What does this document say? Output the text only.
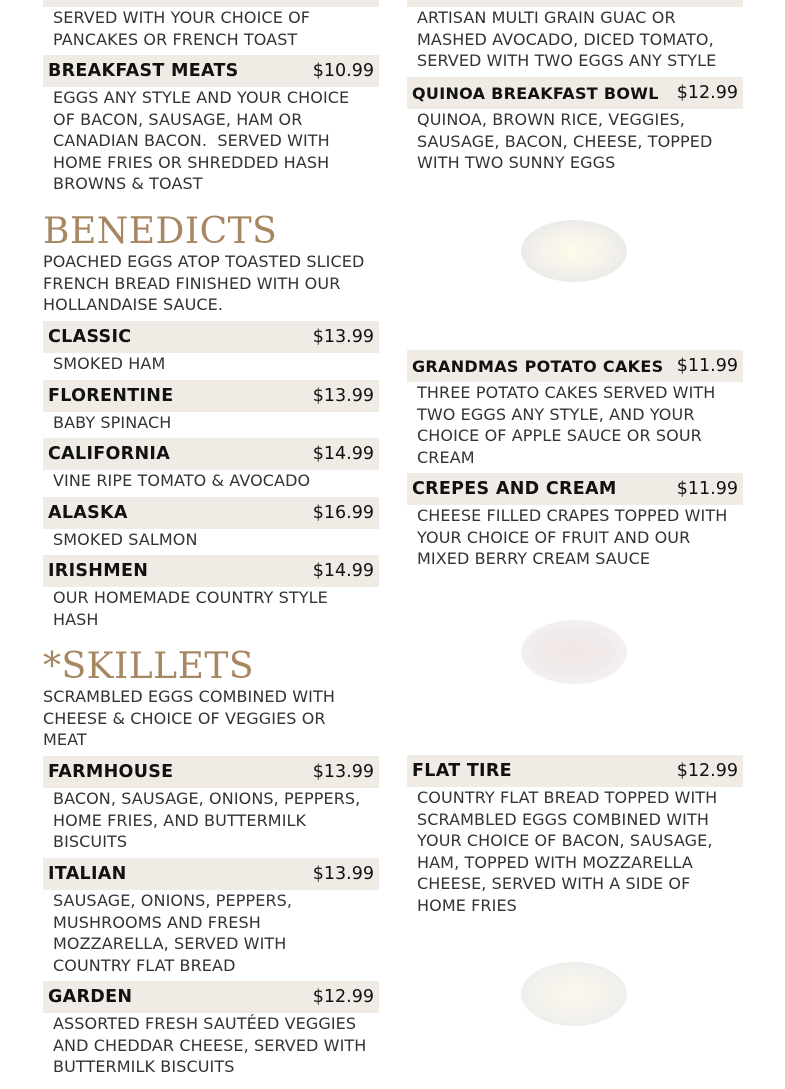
SERVED WITH YOUR CHOICE OF
PANCAKES OR FRENCH TOAST
BREAKFAST MEATS	$10.99
EGGS ANY STYLE AND YOUR CHOICE
OF BACON, SAUSAGE, HAM OR
CANADIAN BACON.  SERVED WITH
HOME FRIES OR SHREDDED HASH
BROWNS & TOAST
BENEDICTS
POACHED EGGS ATOP TOASTED SLICED
FRENCH BREAD FINISHED WITH OUR
HOLLANDAISE SAUCE.
CLASSIC	$13.99
SMOKED HAM
FLORENTINE	$13.99
BABY SPINACH
CALIFORNIA	$14.99
VINE RIPE TOMATO & AVOCADO
ALASKA	$16.99
SMOKED SALMON
IRISHMEN	$14.99
OUR HOMEMADE COUNTRY STYLE
HASH
*SKILLETS
SCRAMBLED EGGS COMBINED WITH
CHEESE & CHOICE OF VEGGIES OR
MEAT
FARMHOUSE	$13.99
BACON, SAUSAGE, ONIONS, PEPPERS,
HOME FRIES, AND BUTTERMILK
BISCUITS
ITALIAN	$13.99
SAUSAGE, ONIONS, PEPPERS,
MUSHROOMS AND FRESH
MOZZARELLA, SERVED WITH
COUNTRY FLAT BREAD
GARDEN	$12.99
ASSORTED FRESH SAUTÉED VEGGIES
AND CHEDDAR CHEESE, SERVED WITH
BUTTERMILK BISCUITS
ARTISAN MULTI GRAIN GUAC OR
MASHED AVOCADO, DICED TOMATO,
SERVED WITH TWO EGGS ANY STYLE
QUINOA BREAKFAST BOWL $12.99
QUINOA, BROWN RICE, VEGGIES,
SAUSAGE, BACON, CHEESE, TOPPED
WITH TWO SUNNY EGGS
GRANDMAS POTATO CAKES $11.99
THREE POTATO CAKES SERVED WITH
TWO EGGS ANY STYLE, AND YOUR
CHOICE OF APPLE SAUCE OR SOUR
CREAM
CREPES AND CREAM	$11.99
CHEESE FILLED CRAPES TOPPED WITH
YOUR CHOICE OF FRUIT AND OUR
MIXED BERRY CREAM SAUCE
FLAT TIRE	$12.99
COUNTRY FLAT BREAD TOPPED WITH
SCRAMBLED EGGS COMBINED WITH
YOUR CHOICE OF BACON, SAUSAGE,
HAM, TOPPED WITH MOZZARELLA
CHEESE, SERVED WITH A SIDE OF
HOME FRIES
